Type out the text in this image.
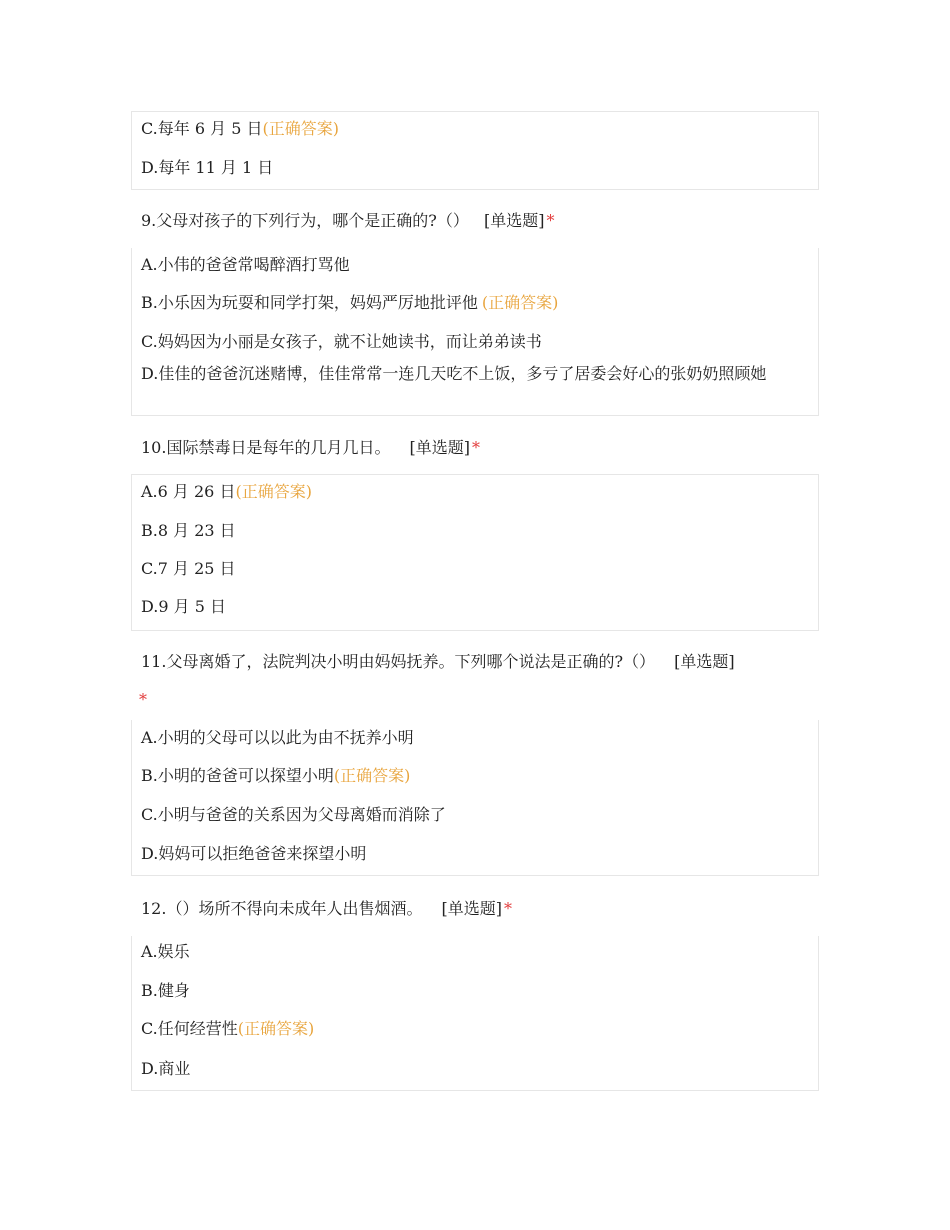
C.每年 6 月 5 日(正确答案)
D.每年 11 月 1 日
9.父母对孩子的下列行为，哪个是正确的?（） [单选题] *
A.小伟的爸爸常喝醉酒打骂他
B.小乐因为玩耍和同学打架，妈妈严厉地批评他 (正确答案)
C.妈妈因为小丽是女孩子，就不让她读书，而让弟弟读书
D.佳佳的爸爸沉迷赌博，佳佳常常一连几天吃不上饭，多亏了居委会好心的张奶奶照顾她
10.国际禁毒日是每年的几月几日。 [单选题] *
A.6 月 26 日(正确答案)
B.8 月 23 日
C.7 月 25 日
D.9 月 5 日
11.父母离婚了，法院判决小明由妈妈抚养。下列哪个说法是正确的?（） [单选题]
*
A.小明的父母可以以此为由不抚养小明
B.小明的爸爸可以探望小明(正确答案)
C.小明与爸爸的关系因为父母离婚而消除了
D.妈妈可以拒绝爸爸来探望小明
12.（）场所不得向未成年人出售烟酒。 [单选题] *
A.娱乐
B.健身
C.任何经营性(正确答案)
D.商业
